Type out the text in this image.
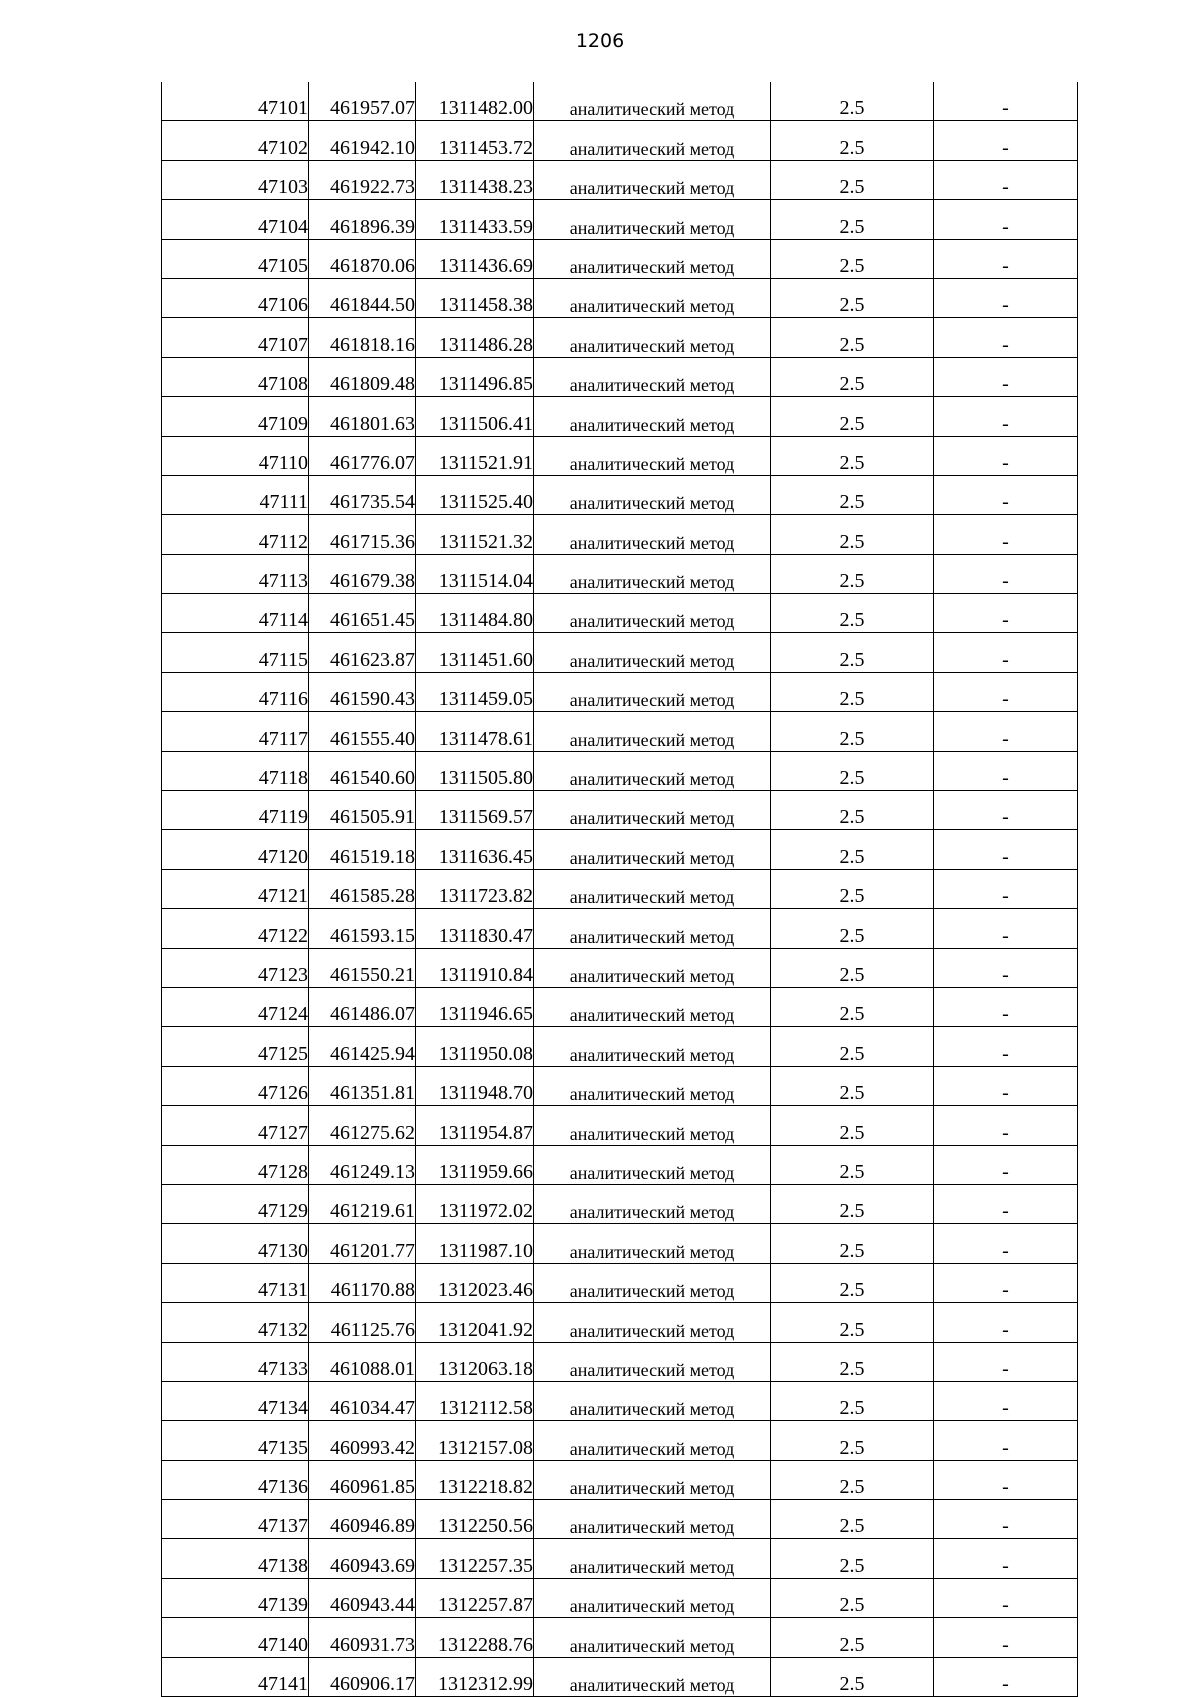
1206
47101	461957.07	1311482.00	аналитический метод	2.5	-
47102	461942.10	1311453.72	аналитический метод	2.5	-
47103	461922.73	1311438.23	аналитический метод	2.5	-
47104	461896.39	1311433.59	аналитический метод	2.5	-
47105	461870.06	1311436.69	аналитический метод	2.5	-
47106	461844.50	1311458.38	аналитический метод	2.5	-
47107	461818.16	1311486.28	аналитический метод	2.5	-
47108	461809.48	1311496.85	аналитический метод	2.5	-
47109	461801.63	1311506.41	аналитический метод	2.5	-
47110	461776.07	1311521.91	аналитический метод	2.5	-
47111	461735.54	1311525.40	аналитический метод	2.5	-
47112	461715.36	1311521.32	аналитический метод	2.5	-
47113	461679.38	1311514.04	аналитический метод	2.5	-
47114	461651.45	1311484.80	аналитический метод	2.5	-
47115	461623.87	1311451.60	аналитический метод	2.5	-
47116	461590.43	1311459.05	аналитический метод	2.5	-
47117	461555.40	1311478.61	аналитический метод	2.5	-
47118	461540.60	1311505.80	аналитический метод	2.5	-
47119	461505.91	1311569.57	аналитический метод	2.5	-
47120	461519.18	1311636.45	аналитический метод	2.5	-
47121	461585.28	1311723.82	аналитический метод	2.5	-
47122	461593.15	1311830.47	аналитический метод	2.5	-
47123	461550.21	1311910.84	аналитический метод	2.5	-
47124	461486.07	1311946.65	аналитический метод	2.5	-
47125	461425.94	1311950.08	аналитический метод	2.5	-
47126	461351.81	1311948.70	аналитический метод	2.5	-
47127	461275.62	1311954.87	аналитический метод	2.5	-
47128	461249.13	1311959.66	аналитический метод	2.5	-
47129	461219.61	1311972.02	аналитический метод	2.5	-
47130	461201.77	1311987.10	аналитический метод	2.5	-
47131	461170.88	1312023.46	аналитический метод	2.5	-
47132	461125.76	1312041.92	аналитический метод	2.5	-
47133	461088.01	1312063.18	аналитический метод	2.5	-
47134	461034.47	1312112.58	аналитический метод	2.5	-
47135	460993.42	1312157.08	аналитический метод	2.5	-
47136	460961.85	1312218.82	аналитический метод	2.5	-
47137	460946.89	1312250.56	аналитический метод	2.5	-
47138	460943.69	1312257.35	аналитический метод	2.5	-
47139	460943.44	1312257.87	аналитический метод	2.5	-
47140	460931.73	1312288.76	аналитический метод	2.5	-
47141	460906.17	1312312.99	аналитический метод	2.5	-
